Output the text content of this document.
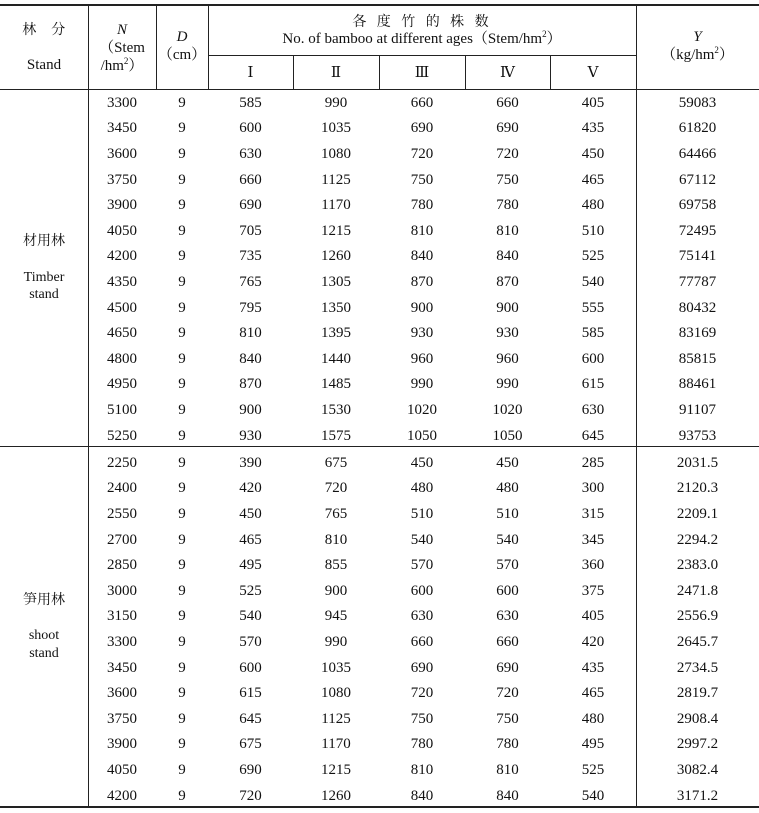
林　分
Stand
N
（Stem
$/hm^2$）
D
（cm）
各 度 竹 的 株 数
No. of bamboo at different $ages(Stem/hm^2)$
Ⅰ	Ⅱ	Ⅲ	Ⅳ	Ⅴ
Y
$(kg/hm^2)$
材用林
Timber
stand
笋用林
shoot
stand
3300	9	585	990	660	660	405	59083
3450	9	600	1035	690	690	435	61820
3600	9	630	1080	720	720	450	64466
3750	9	660	1125	750	750	465	67112
3900	9	690	1170	780	780	480	69758
4050	9	705	1215	810	810	510	72495
4200	9	735	1260	840	840	525	75141
4350	9	765	1305	870	870	540	77787
4500	9	795	1350	900	900	555	80432
4650	9	810	1395	930	930	585	83169
4800	9	840	1440	960	960	600	85815
4950	9	870	1485	990	990	615	88461
5100	9	900	1530	1020	1020	630	91107
5250	9	930	1575	1050	1050	645	93753
2250	9	390	675	450	450	285	2031.5
2400	9	420	720	480	480	300	2120.3
2550	9	450	765	510	510	315	2209.1
2700	9	465	810	540	540	345	2294.2
2850	9	495	855	570	570	360	2383.0
3000	9	525	900	600	600	375	2471.8
3150	9	540	945	630	630	405	2556.9
3300	9	570	990	660	660	420	2645.7
3450	9	600	1035	690	690	435	2734.5
3600	9	615	1080	720	720	465	2819.7
3750	9	645	1125	750	750	480	2908.4
3900	9	675	1170	780	780	495	2997.2
4050	9	690	1215	810	810	525	3082.4
4200	9	720	1260	840	840	540	3171.2
